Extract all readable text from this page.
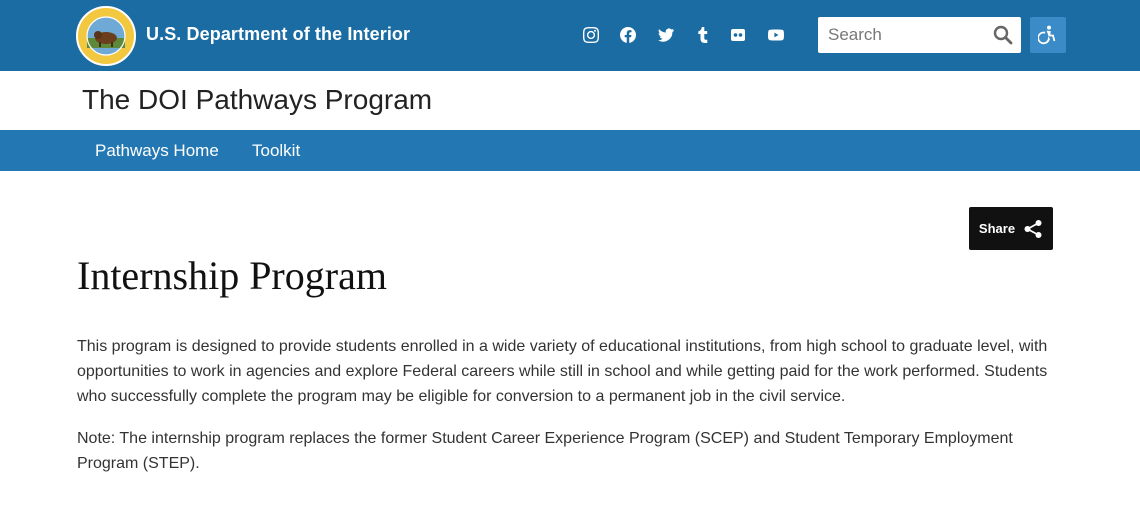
U.S. Department of the Interior
Search
The DOI Pathways Program
Pathways Home Toolkit
Share
Internship Program

This program is designed to provide students enrolled in a wide variety of educational institutions, from high school to graduate level, with opportunities to work in agencies and explore Federal careers while still in school and while getting paid for the work performed. Students who successfully complete the program may be eligible for conversion to a permanent job in the civil service.

Note: The internship program replaces the former Student Career Experience Program (SCEP) and Student Temporary Employment Program (STEP).
